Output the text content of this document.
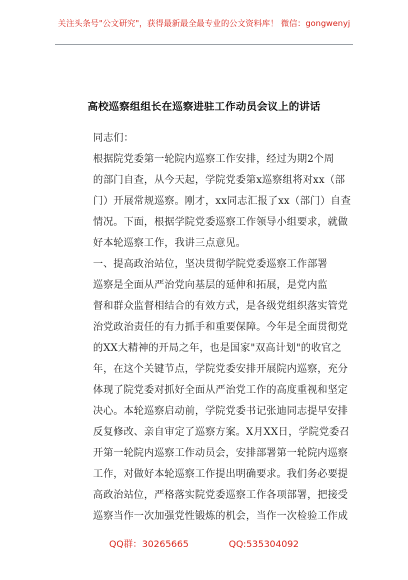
关注头条号"公文研究"，获得最新最全最专业的公文资料库！ 微信：gongwenyj
高校巡察组组长在巡察进驻工作动员会议上的讲话

同志们：

根据院党委第一轮院内巡察工作安排，经过为期2个周

的部门自查，从今天起，学院党委第x巡察组将对xx（部

门）开展常规巡察。刚才，xx同志汇报了xx（部门）自查

情况。下面，根据学院党委巡察工作领导小组要求，就做

好本轮巡察工作，我讲三点意见。

一、提高政治站位，坚决贯彻学院党委巡察工作部署

巡察是全面从严治党向基层的延伸和拓展，是党内监

督和群众监督相结合的有效方式，是各级党组织落实管党

治党政治责任的有力抓手和重要保障。今年是全面贯彻党

的XX大精神的开局之年，也是国家"双高计划"的收官之

年，在这个关键节点，学院党委安排开展院内巡察，充分

体现了院党委对抓好全面从严治党工作的高度重视和坚定

决心。本轮巡察启动前，学院党委书记张迪同志提早安排

反复修改、亲自审定了巡察方案。X月XX日，学院党委召

开第一轮院内巡察工作动员会，安排部署第一轮院内巡察

工作，对做好本轮巡察工作提出明确要求。我们务必要提

高政治站位，严格落实院党委巡察工作各项部署，把接受

巡察当作一次加强党性锻炼的机会，当作一次检验工作成

QQ群：30265665	QQ:535304092
